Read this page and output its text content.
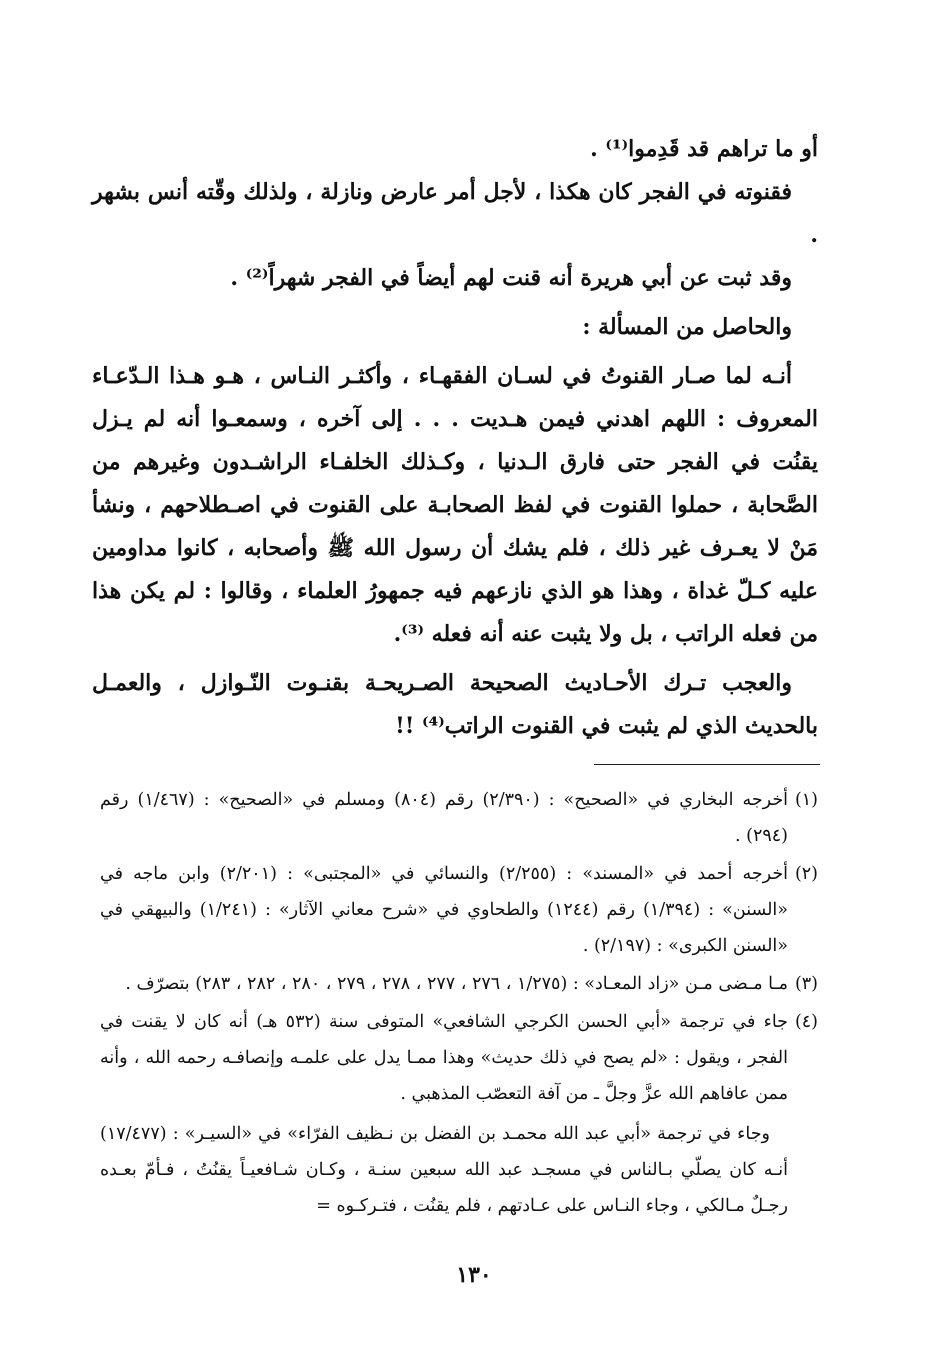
أو ما تراهم قد قَدِموا⁽¹⁾ .

فقنوته في الفجر كان هكذا ، لأجل أمر عارض ونازلة ، ولذلك وقّته أنس بشهر .

وقد ثبت عن أبي هريرة أنه قنت لهم أيضاً في الفجر شهراً⁽²⁾ .

والحاصل من المسألة :

أنـه لما صـار القنوتُ في لسـان الفقهـاء ، وأكثـر النـاس ، هـو هـذا الـدّعـاء المعروف : اللهم اهدني فيمن هـديت . . . إلى آخره ، وسمعـوا أنه لم يـزل يقنُت في الفجر حتى فارق الـدنيا ، وكـذلك الخلفـاء الراشـدون وغيرهم من الصَّحابة ، حملوا القنوت في لفظ الصحابـة على القنوت في اصـطلاحهم ، ونشأ مَنْ لا يعـرف غير ذلك ، فلم يشك أن رسول الله ﷺ وأصحابه ، كانوا مداومين عليه كـلّ غداة ، وهذا هو الذي نازعهم فيه جمهورُ العلماء ، وقالوا : لم يكن هذا من فعله الراتب ، بل ولا يثبت عنه أنه فعله ⁽³⁾.

والعجب تـرك الأحـاديث الصحيحة الصـريحـة بقنـوت النّـوازل ، والعمـل بالحديث الذي لم يثبت في القنوت الراتب⁽⁴⁾ !!

(١)
أخرجه البخاري في «الصحيح» : (٢/٣٩٠) رقم (٨٠٤) ومسلم في «الصحيح» : (١/٤٦٧) رقم (٢٩٤) .

(٢)
أخرجه أحمد في «المسند» : (٢/٢٥٥) والنسائي في «المجتبى» : (٢/٢٠١) وابن ماجه في «السنن» : (١/٣٩٤) رقم (١٢٤٤) والطحاوي في «شرح معاني الآثار» : (١/٢٤١) والبيهقي في «السنن الكبرى» : (٢/١٩٧) .

(٣)
مـا مـضى مـن «زاد المعـاد» : (١/٢٧٥ ، ٢٧٦ ، ٢٧٧ ، ٢٧٨ ، ٢٧٩ ، ٢٨٠ ، ٢٨٢ ، ٢٨٣) بتصرّف .

(٤)
جاء في ترجمة «أبي الحسن الكرجي الشافعي» المتوفى سنة (٥٣٢ هـ) أنه كان لا يقنت في الفجر ، ويقول : «لم يصح في ذلك حديث» وهذا ممـا يدل على علمـه وإنصافـه رحمه الله ، وأنه ممن عافاهم الله عزَّ وجلَّ ـ من آفة التعصّب المذهبي .

وجاء في ترجمة «أبي عبد الله محمـد بن الفضل بن نـظيف الفرّاء» في «السيـر» : (١٧/٤٧٧) أنـه كان يصلّي بـالناس في مسجـد عبد الله سبعين سنـة ، وكـان شـافعيـاً يقنُتُ ، فـأمّ بعـده رجـلٌ مـالكي ، وجاء النـاس على عـادتهم ، فلم يقنُت ، فتـركـوه =

١٣٠
